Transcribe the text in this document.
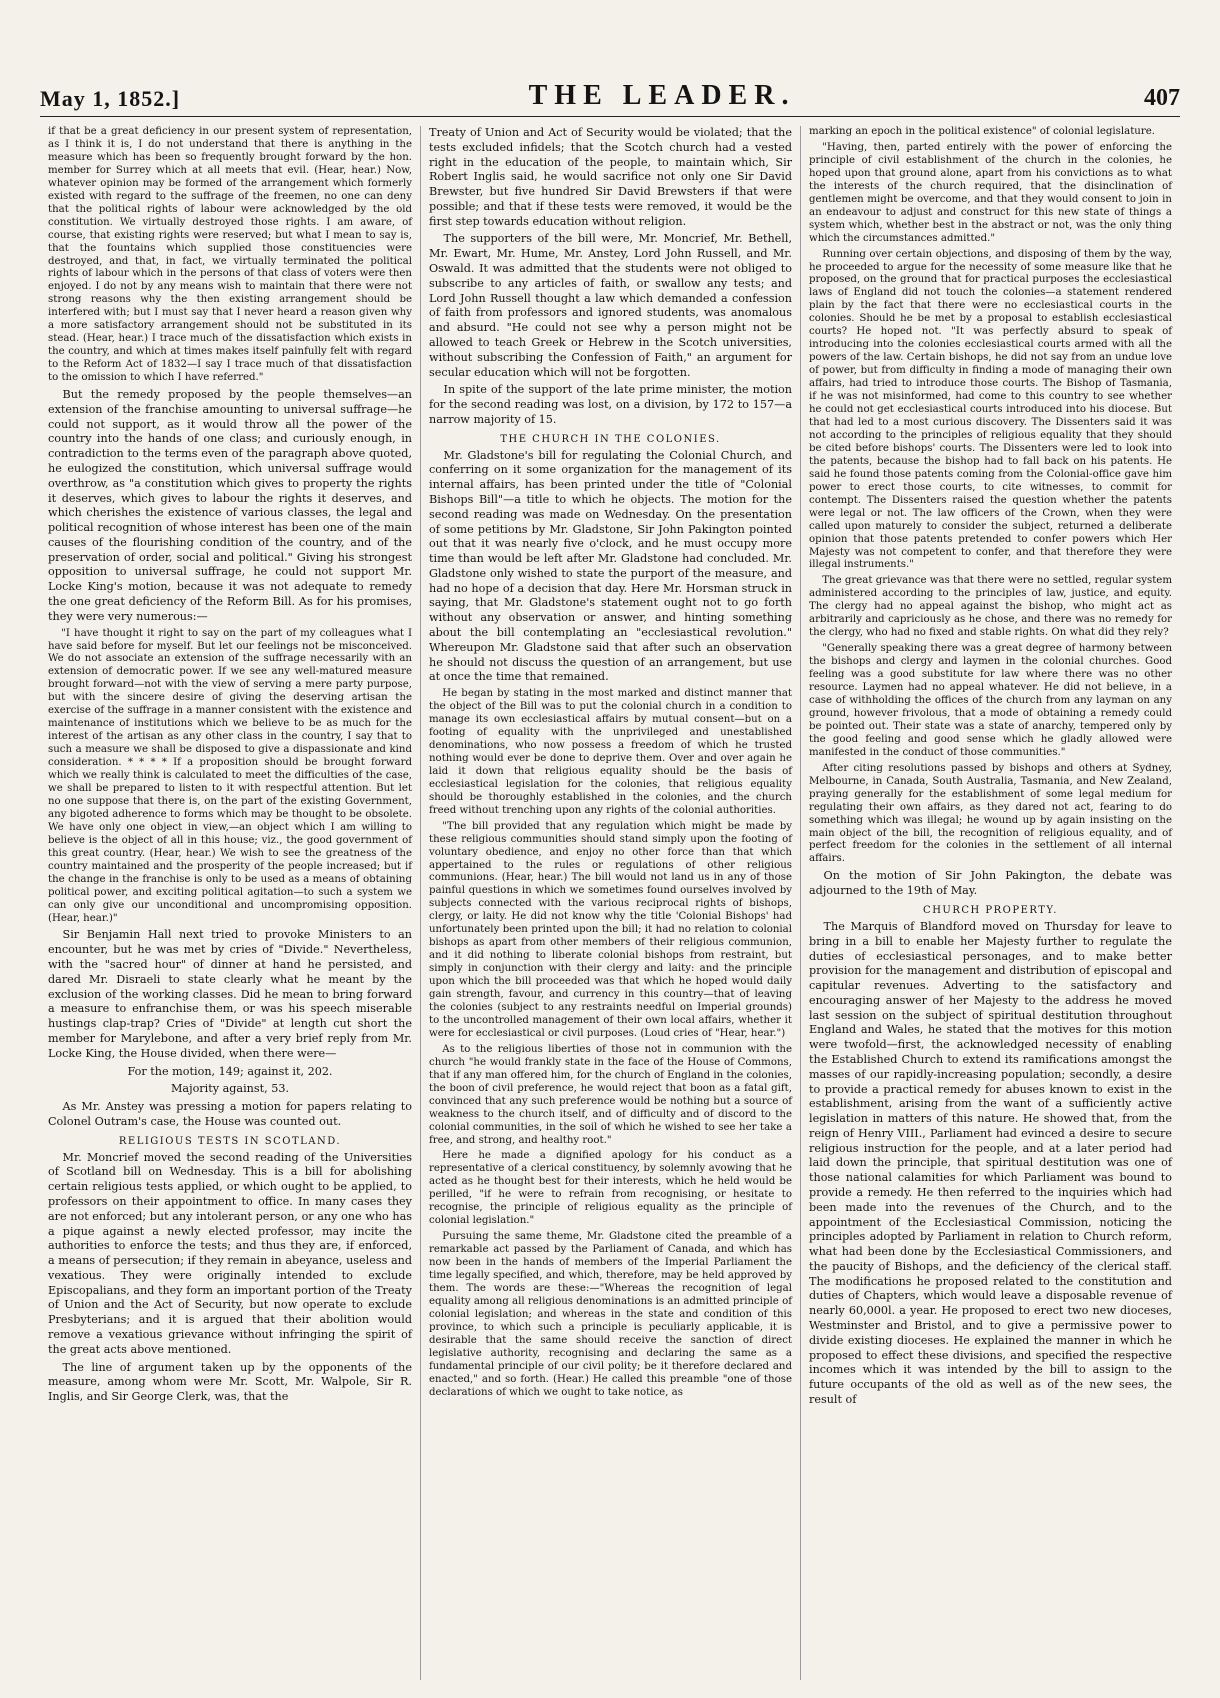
May 1, 1852.]	THE LEADER.	407

if that be a great deficiency in our present system of representation, as I think it is, I do not understand that there is anything in the measure which has been so frequently brought forward by the hon. member for Surrey which at all meets that evil. (Hear, hear.) Now, whatever opinion may be formed of the arrangement which formerly existed with regard to the suffrage of the freemen, no one can deny that the political rights of labour were acknowledged by the old constitution. We virtually destroyed those rights. I am aware, of course, that existing rights were reserved; but what I mean to say is, that the fountains which supplied those constituencies were destroyed, and that, in fact, we virtually terminated the political rights of labour which in the persons of that class of voters were then enjoyed. I do not by any means wish to maintain that there were not strong reasons why the then existing arrangement should be interfered with; but I must say that I never heard a reason given why a more satisfactory arrangement should not be substituted in its stead. (Hear, hear.) I trace much of the dissatisfaction which exists in the country, and which at times makes itself painfully felt with regard to the Reform Act of 1832—I say I trace much of that dissatisfaction to the omission to which I have referred."

But the remedy proposed by the people themselves—an extension of the franchise amounting to universal suffrage—he could not support, as it would throw all the power of the country into the hands of one class; and curiously enough, in contradiction to the terms even of the paragraph above quoted, he eulogized the constitution, which universal suffrage would overthrow, as "a constitution which gives to property the rights it deserves, which gives to labour the rights it deserves, and which cherishes the existence of various classes, the legal and political recognition of whose interest has been one of the main causes of the flourishing condition of the country, and of the preservation of order, social and political." Giving his strongest opposition to universal suffrage, he could not support Mr. Locke King's motion, because it was not adequate to remedy the one great deficiency of the Reform Bill. As for his promises, they were very numerous:—

"I have thought it right to say on the part of my colleagues what I have said before for myself. But let our feelings not be misconceived. We do not associate an extension of the suffrage necessarily with an extension of democratic power. If we see any well-matured measure brought forward—not with the view of serving a mere party purpose, but with the sincere desire of giving the deserving artisan the exercise of the suffrage in a manner consistent with the existence and maintenance of institutions which we believe to be as much for the interest of the artisan as any other class in the country, I say that to such a measure we shall be disposed to give a dispassionate and kind consideration. * * * * If a proposition should be brought forward which we really think is calculated to meet the difficulties of the case, we shall be prepared to listen to it with respectful attention. But let no one suppose that there is, on the part of the existing Government, any bigoted adherence to forms which may be thought to be obsolete. We have only one object in view,—an object which I am willing to believe is the object of all in this house; viz., the good government of this great country. (Hear, hear.) We wish to see the greatness of the country maintained and the prosperity of the people increased; but if the change in the franchise is only to be used as a means of obtaining political power, and exciting political agitation—to such a system we can only give our unconditional and uncompromising opposition. (Hear, hear.)"

Sir Benjamin Hall next tried to provoke Ministers to an encounter, but he was met by cries of "Divide." Nevertheless, with the "sacred hour" of dinner at hand he persisted, and dared Mr. Disraeli to state clearly what he meant by the exclusion of the working classes. Did he mean to bring forward a measure to enfranchise them, or was his speech miserable hustings clap-trap? Cries of "Divide" at length cut short the member for Marylebone, and after a very brief reply from Mr. Locke King, the House divided, when there were—

For the motion, 149; against it, 202.

Majority against, 53.

As Mr. Anstey was pressing a motion for papers relating to Colonel Outram's case, the House was counted out.

RELIGIOUS TESTS IN SCOTLAND.

Mr. Moncrief moved the second reading of the Universities of Scotland bill on Wednesday. This is a bill for abolishing certain religious tests applied, or which ought to be applied, to professors on their appointment to office. In many cases they are not enforced; but any intolerant person, or any one who has a pique against a newly elected professor, may incite the authorities to enforce the tests; and thus they are, if enforced, a means of persecution; if they remain in abeyance, useless and vexatious. They were originally intended to exclude Episcopalians, and they form an important portion of the Treaty of Union and the Act of Security, but now operate to exclude Presbyterians; and it is argued that their abolition would remove a vexatious grievance without infringing the spirit of the great acts above mentioned.

The line of argument taken up by the opponents of the measure, among whom were Mr. Scott, Mr. Walpole, Sir R. Inglis, and Sir George Clerk, was, that the

Treaty of Union and Act of Security would be violated; that the tests excluded infidels; that the Scotch church had a vested right in the education of the people, to maintain which, Sir Robert Inglis said, he would sacrifice not only one Sir David Brewster, but five hundred Sir David Brewsters if that were possible; and that if these tests were removed, it would be the first step towards education without religion.

The supporters of the bill were, Mr. Moncrief, Mr. Bethell, Mr. Ewart, Mr. Hume, Mr. Anstey, Lord John Russell, and Mr. Oswald. It was admitted that the students were not obliged to subscribe to any articles of faith, or swallow any tests; and Lord John Russell thought a law which demanded a confession of faith from professors and ignored students, was anomalous and absurd. "He could not see why a person might not be allowed to teach Greek or Hebrew in the Scotch universities, without subscribing the Confession of Faith," an argument for secular education which will not be forgotten.

In spite of the support of the late prime minister, the motion for the second reading was lost, on a division, by 172 to 157—a narrow majority of 15.

THE CHURCH IN THE COLONIES.

Mr. Gladstone's bill for regulating the Colonial Church, and conferring on it some organization for the management of its internal affairs, has been printed under the title of "Colonial Bishops Bill"—a title to which he objects. The motion for the second reading was made on Wednesday. On the presentation of some petitions by Mr. Gladstone, Sir John Pakington pointed out that it was nearly five o'clock, and he must occupy more time than would be left after Mr. Gladstone had concluded. Mr. Gladstone only wished to state the purport of the measure, and had no hope of a decision that day. Here Mr. Horsman struck in saying, that Mr. Gladstone's statement ought not to go forth without any observation or answer, and hinting something about the bill contemplating an "ecclesiastical revolution." Whereupon Mr. Gladstone said that after such an observation he should not discuss the question of an arrangement, but use at once the time that remained.

He began by stating in the most marked and distinct manner that the object of the Bill was to put the colonial church in a condition to manage its own ecclesiastical affairs by mutual consent—but on a footing of equality with the unprivileged and unestablished denominations, who now possess a freedom of which he trusted nothing would ever be done to deprive them. Over and over again he laid it down that religious equality should be the basis of ecclesiastical legislation for the colonies, that religious equality should be thoroughly established in the colonies, and the church freed without trenching upon any rights of the colonial authorities.

"The bill provided that any regulation which might be made by these religious communities should stand simply upon the footing of voluntary obedience, and enjoy no other force than that which appertained to the rules or regulations of other religious communions. (Hear, hear.) The bill would not land us in any of those painful questions in which we sometimes found ourselves involved by subjects connected with the various reciprocal rights of bishops, clergy, or laity. He did not know why the title 'Colonial Bishops' had unfortunately been printed upon the bill; it had no relation to colonial bishops as apart from other members of their religious communion, and it did nothing to liberate colonial bishops from restraint, but simply in conjunction with their clergy and laity: and the principle upon which the bill proceeded was that which he hoped would daily gain strength, favour, and currency in this country—that of leaving the colonies (subject to any restraints needful on Imperial grounds) to the uncontrolled management of their own local affairs, whether it were for ecclesiastical or civil purposes. (Loud cries of "Hear, hear.")

As to the religious liberties of those not in communion with the church "he would frankly state in the face of the House of Commons, that if any man offered him, for the church of England in the colonies, the boon of civil preference, he would reject that boon as a fatal gift, convinced that any such preference would be nothing but a source of weakness to the church itself, and of difficulty and of discord to the colonial communities, in the soil of which he wished to see her take a free, and strong, and healthy root."

Here he made a dignified apology for his conduct as a representative of a clerical constituency, by solemnly avowing that he acted as he thought best for their interests, which he held would be perilled, "if he were to refrain from recognising, or hesitate to recognise, the principle of religious equality as the principle of colonial legislation."

Pursuing the same theme, Mr. Gladstone cited the preamble of a remarkable act passed by the Parliament of Canada, and which has now been in the hands of members of the Imperial Parliament the time legally specified, and which, therefore, may be held approved by them. The words are these:—"Whereas the recognition of legal equality among all religious denominations is an admitted principle of colonial legislation; and whereas in the state and condition of this province, to which such a principle is peculiarly applicable, it is desirable that the same should receive the sanction of direct legislative authority, recognising and declaring the same as a fundamental principle of our civil polity; be it therefore declared and enacted," and so forth. (Hear.) He called this preamble "one of those declarations of which we ought to take notice, as

marking an epoch in the political existence" of colonial legislature.

"Having, then, parted entirely with the power of enforcing the principle of civil establishment of the church in the colonies, he hoped upon that ground alone, apart from his convictions as to what the interests of the church required, that the disinclination of gentlemen might be overcome, and that they would consent to join in an endeavour to adjust and construct for this new state of things a system which, whether best in the abstract or not, was the only thing which the circumstances admitted."

Running over certain objections, and disposing of them by the way, he proceeded to argue for the necessity of some measure like that he proposed, on the ground that for practical purposes the ecclesiastical laws of England did not touch the colonies—a statement rendered plain by the fact that there were no ecclesiastical courts in the colonies. Should he be met by a proposal to establish ecclesiastical courts? He hoped not. "It was perfectly absurd to speak of introducing into the colonies ecclesiastical courts armed with all the powers of the law. Certain bishops, he did not say from an undue love of power, but from difficulty in finding a mode of managing their own affairs, had tried to introduce those courts. The Bishop of Tasmania, if he was not misinformed, had come to this country to see whether he could not get ecclesiastical courts introduced into his diocese. But that had led to a most curious discovery. The Dissenters said it was not according to the principles of religious equality that they should be cited before bishops' courts. The Dissenters were led to look into the patents, because the bishop had to fall back on his patents. He said he found those patents coming from the Colonial-office gave him power to erect those courts, to cite witnesses, to commit for contempt. The Dissenters raised the question whether the patents were legal or not. The law officers of the Crown, when they were called upon maturely to consider the subject, returned a deliberate opinion that those patents pretended to confer powers which Her Majesty was not competent to confer, and that therefore they were illegal instruments."

The great grievance was that there were no settled, regular system administered according to the principles of law, justice, and equity. The clergy had no appeal against the bishop, who might act as arbitrarily and capriciously as he chose, and there was no remedy for the clergy, who had no fixed and stable rights. On what did they rely?

"Generally speaking there was a great degree of harmony between the bishops and clergy and laymen in the colonial churches. Good feeling was a good substitute for law where there was no other resource. Laymen had no appeal whatever. He did not believe, in a case of withholding the offices of the church from any layman on any ground, however frivolous, that a mode of obtaining a remedy could be pointed out. Their state was a state of anarchy, tempered only by the good feeling and good sense which he gladly allowed were manifested in the conduct of those communities."

After citing resolutions passed by bishops and others at Sydney, Melbourne, in Canada, South Australia, Tasmania, and New Zealand, praying generally for the establishment of some legal medium for regulating their own affairs, as they dared not act, fearing to do something which was illegal; he wound up by again insisting on the main object of the bill, the recognition of religious equality, and of perfect freedom for the colonies in the settlement of all internal affairs.

On the motion of Sir John Pakington, the debate was adjourned to the 19th of May.

CHURCH PROPERTY.

The Marquis of Blandford moved on Thursday for leave to bring in a bill to enable her Majesty further to regulate the duties of ecclesiastical personages, and to make better provision for the management and distribution of episcopal and capitular revenues. Adverting to the satisfactory and encouraging answer of her Majesty to the address he moved last session on the subject of spiritual destitution throughout England and Wales, he stated that the motives for this motion were twofold—first, the acknowledged necessity of enabling the Established Church to extend its ramifications amongst the masses of our rapidly-increasing population; secondly, a desire to provide a practical remedy for abuses known to exist in the establishment, arising from the want of a sufficiently active legislation in matters of this nature. He showed that, from the reign of Henry VIII., Parliament had evinced a desire to secure religious instruction for the people, and at a later period had laid down the principle, that spiritual destitution was one of those national calamities for which Parliament was bound to provide a remedy. He then referred to the inquiries which had been made into the revenues of the Church, and to the appointment of the Ecclesiastical Commission, noticing the principles adopted by Parliament in relation to Church reform, what had been done by the Ecclesiastical Commissioners, and the paucity of Bishops, and the deficiency of the clerical staff. The modifications he proposed related to the constitution and duties of Chapters, which would leave a disposable revenue of nearly 60,000l. a year. He proposed to erect two new dioceses, Westminster and Bristol, and to give a permissive power to divide existing dioceses. He explained the manner in which he proposed to effect these divisions, and specified the respective incomes which it was intended by the bill to assign to the future occupants of the old as well as of the new sees, the result of
